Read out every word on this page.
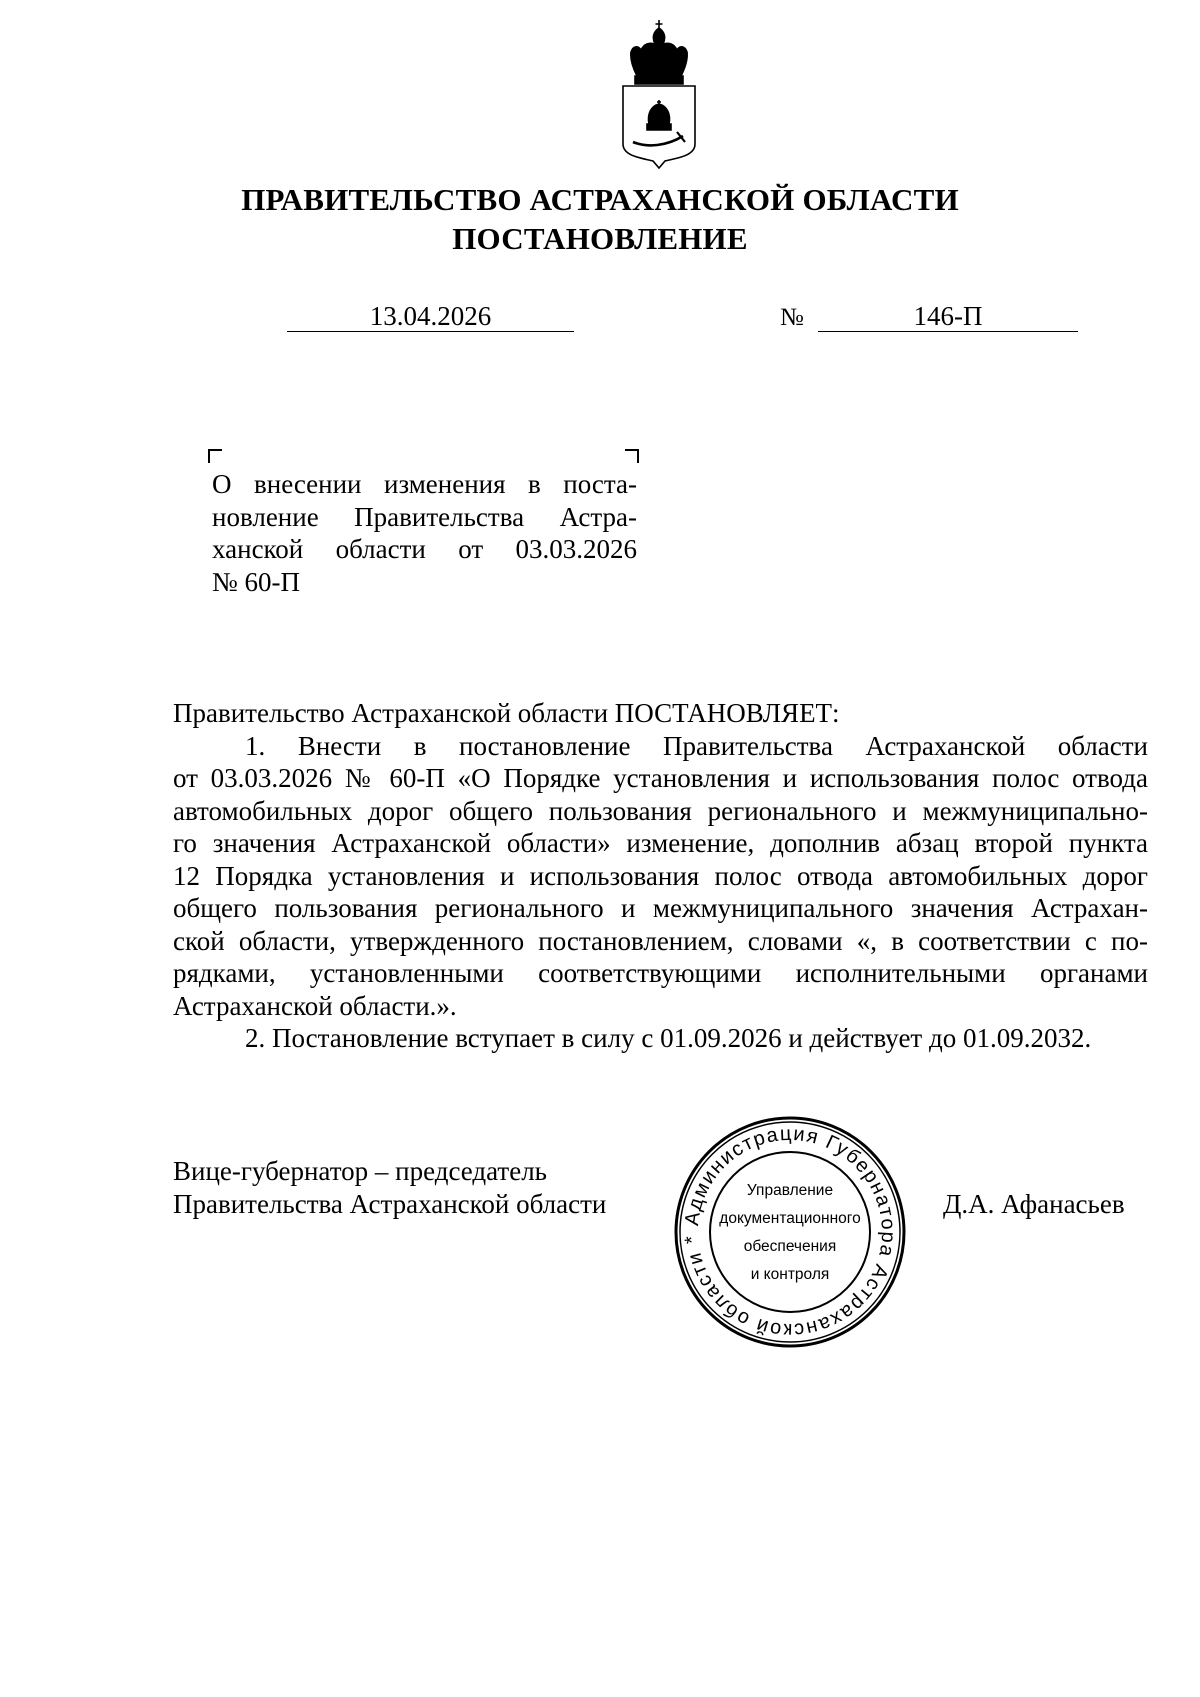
ПРАВИТЕЛЬСТВО АСТРАХАНСКОЙ ОБЛАСТИ
ПОСТАНОВЛЕНИЕ
13.04.2026	№	146-П
О внесении изменения в поста-
новление Правительства Астра-
ханской области от 03.03.2026
№ 60-П
Правительство Астраханской области ПОСТАНОВЛЯЕТ:
1. Внести в постановление Правительства Астраханской области
от 03.03.2026 № 60-П «О Порядке установления и использования полос отвода
автомобильных дорог общего пользования регионального и межмуниципально-
го значения Астраханской области» изменение, дополнив абзац второй пункта
12 Порядка установления и использования полос отвода автомобильных дорог
общего пользования регионального и межмуниципального значения Астрахан-
ской области, утвержденного постановлением, словами «, в соответствии с по-
рядками, установленными соответствующими исполнительными органами
Астраханской области.».
2. Постановление вступает в силу с 01.09.2026 и действует до 01.09.2032.
Вице-губернатор – председатель
Правительства Астраханской области	Администрация Губернатора Астраханской области *
Управление
документационного
обеспечения
и контроля
Д.А. Афанасьев
